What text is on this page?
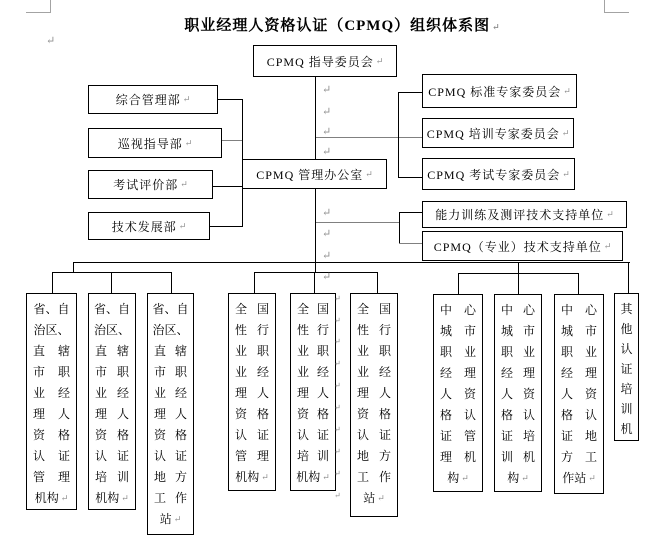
职业经理人资格认证（CPMQ）组织体系图 ↵
↵
CPMQ 指导委员会 ↵
CPMQ 管理办公室 ↵
综合管理部 ↵
巡视指导部 ↵
考试评价部 ↵
技术发展部 ↵
CPMQ 标准专家委员会 ↵
CPMQ 培训专家委员会 ↵
CPMQ 考试专家委员会 ↵
能力训练及测评技术支持单位 ↵
CPMQ（专业）技术支持单位 ↵
省、自
治区、
直 辖
市 职
业 经
理 人
资 格
认 证
管 理
机构 ↵
省、自
治区、
直 辖
市 职
业 经
理 人
资 格
认 证
培 训
机构 ↵
省、自
治区、
直 辖
市 职
业 经
理 人
资 格
认 证
地 方
工 作
站 ↵
全 国
性 行
业 职
业 经
理 人
资 格
认 证
管 理
机构 ↵
全 国
性 行
业 职
业 经
理 人
资 格
认 证
培 训
机构 ↵
全 国
性 行
业 职
业 经
理 人
资 格
认 证
地 方
工 作
站 ↵
中 心
城 市
职 业
经 理
人 资
格 认
证 管
理 机
构 ↵
中 心
城 市
职 业
经 理
人 资
格 认
证 培
训 机
构 ↵
中 心
城 市
职 业
经 理
人 资
格 认
证 地
方 工
作站 ↵
其
他
认
证
培
训
机
↵
↵
↵
↵
↵
↵
↵
↵
↵
↵
↵
↵
↵
↵
↵
↵
↵
↵
